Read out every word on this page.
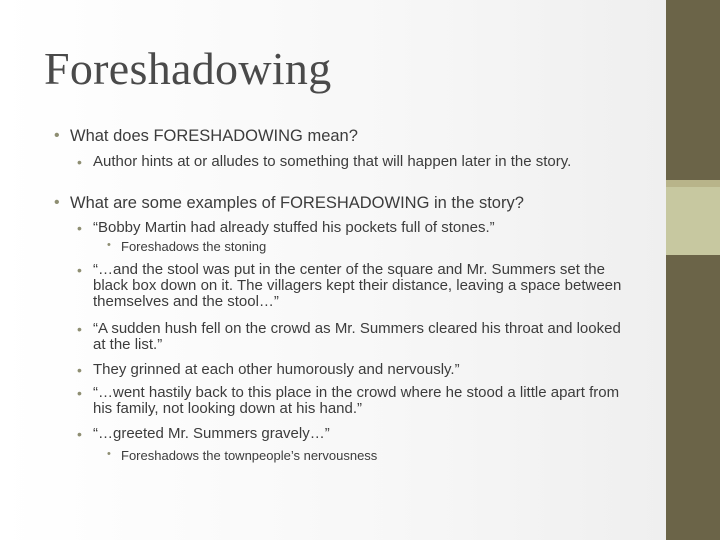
Foreshadowing
• What does FORESHADOWING mean?
• Author hints at or alludes to something that will happen later in the story.
• What are some examples of FORESHADOWING in the story?
• “Bobby Martin had already stuffed his pockets full of stones.”
• Foreshadows the stoning
• “…and the stool was put in the center of the square and Mr. Summers set the black box down on it. The villagers kept their distance, leaving a space between themselves and the stool…”
• “A sudden hush fell on the crowd as Mr. Summers cleared his throat and looked at the list.”
• They grinned at each other humorously and nervously.”
• “…went hastily back to this place in the crowd where he stood a little apart from his family, not looking down at his hand.”
• “…greeted Mr. Summers gravely…”
• Foreshadows the townpeople’s nervousness
